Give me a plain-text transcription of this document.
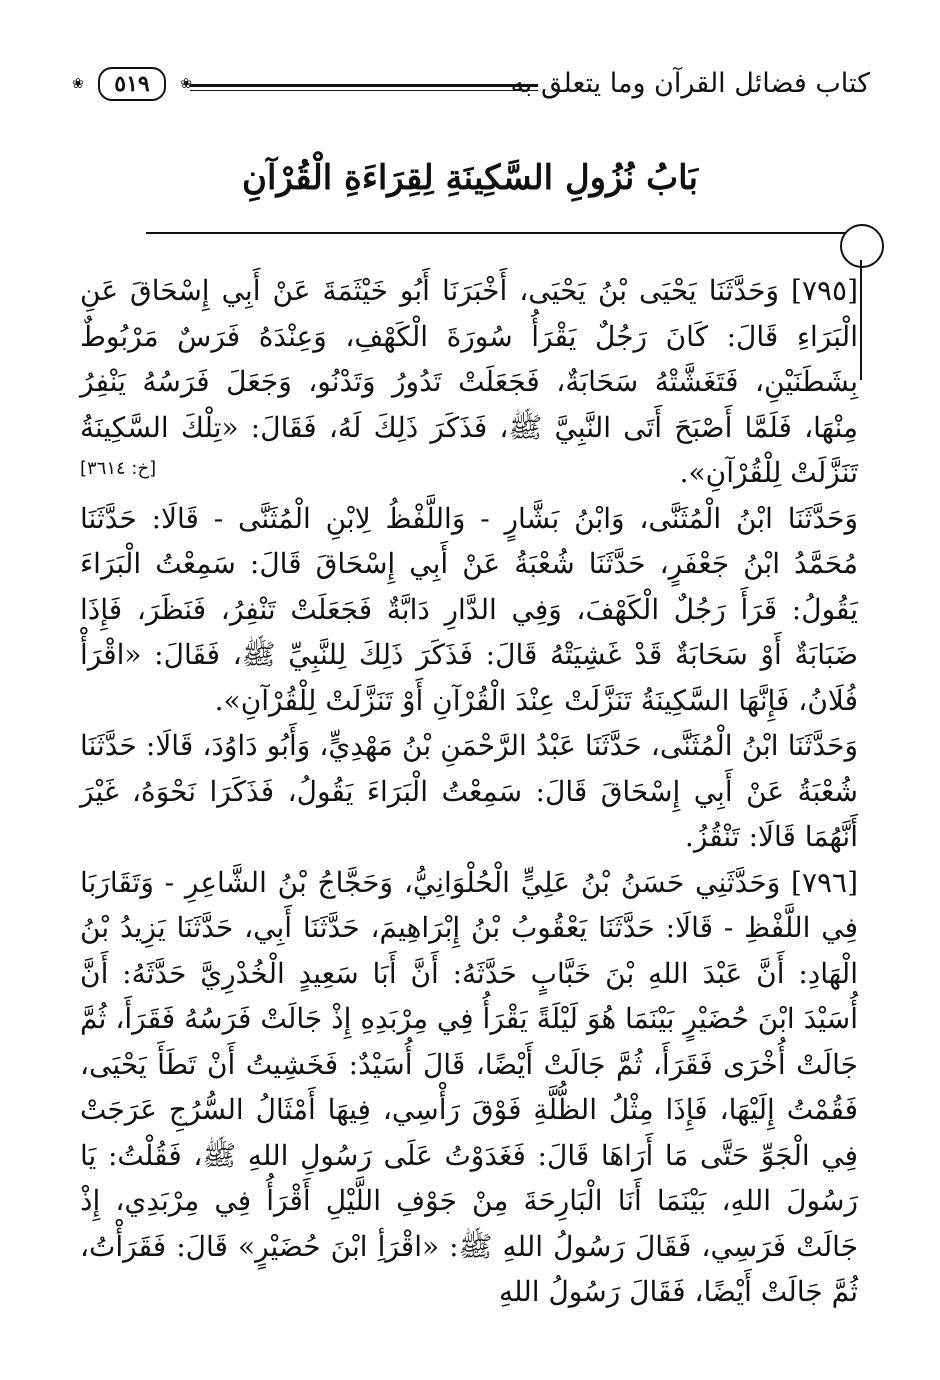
كتاب فضائل القرآن وما يتعلق به
❀	٥١٩	❀
بَابُ نُزُولِ السَّكِينَةِ لِقِرَاءَةِ الْقُرْآنِ

[٧٩٥] وَحَدَّثَنَا يَحْيَى بْنُ يَحْيَى، أَخْبَرَنَا أَبُو خَيْثَمَةَ عَنْ أَبِي إِسْحَاقَ عَنِ الْبَرَاءِ قَالَ: كَانَ رَجُلٌ يَقْرَأُ سُورَةَ الْكَهْفِ، وَعِنْدَهُ فَرَسٌ مَرْبُوطٌ بِشَطَنَيْنِ، فَتَغَشَّتْهُ سَحَابَةٌ، فَجَعَلَتْ تَدُورُ وَتَدْنُو، وَجَعَلَ فَرَسُهُ يَنْفِرُ مِنْهَا، فَلَمَّا أَصْبَحَ أَتَى النَّبِيَّ ﷺ، فَذَكَرَ ذَلِكَ لَهُ، فَقَالَ: «تِلْكَ السَّكِينَةُ تَنَزَّلَتْ لِلْقُرْآنِ».

[خ: ٣٦١٤]

وَحَدَّثَنَا ابْنُ الْمُثَنَّى، وَابْنُ بَشَّارٍ - وَاللَّفْظُ لِابْنِ الْمُثَنَّى - قَالَا: حَدَّثَنَا مُحَمَّدُ ابْنُ جَعْفَرٍ، حَدَّثَنَا شُعْبَةُ عَنْ أَبِي إِسْحَاقَ قَالَ: سَمِعْتُ الْبَرَاءَ يَقُولُ: قَرَأَ رَجُلٌ الْكَهْفَ، وَفِي الدَّارِ دَابَّةٌ فَجَعَلَتْ تَنْفِرُ، فَنَظَرَ، فَإِذَا ضَبَابَةٌ أَوْ سَحَابَةٌ قَدْ غَشِيَتْهُ قَالَ: فَذَكَرَ ذَلِكَ لِلنَّبِيِّ ﷺ، فَقَالَ: «اقْرَأْ فُلَانُ، فَإِنَّهَا السَّكِينَةُ تَنَزَّلَتْ عِنْدَ الْقُرْآنِ أَوْ تَنَزَّلَتْ لِلْقُرْآنِ».

وَحَدَّثَنَا ابْنُ الْمُثَنَّى، حَدَّثَنَا عَبْدُ الرَّحْمَنِ بْنُ مَهْدِيٍّ، وَأَبُو دَاوُدَ، قَالَا: حَدَّثَنَا شُعْبَةُ عَنْ أَبِي إِسْحَاقَ قَالَ: سَمِعْتُ الْبَرَاءَ يَقُولُ، فَذَكَرَا نَحْوَهُ، غَيْرَ أَنَّهُمَا قَالَا: تَنْقُزُ.

[٧٩٦] وَحَدَّثَنِي حَسَنُ بْنُ عَلِيٍّ الْحُلْوَانِيُّ، وَحَجَّاجُ بْنُ الشَّاعِرِ - وَتَقَارَبَا فِي اللَّفْظِ - قَالَا: حَدَّثَنَا يَعْقُوبُ بْنُ إِبْرَاهِيمَ، حَدَّثَنَا أَبِي، حَدَّثَنَا يَزِيدُ بْنُ الْهَادِ: أَنَّ عَبْدَ اللهِ بْنَ خَبَّابٍ حَدَّثَهُ: أَنَّ أَبَا سَعِيدٍ الْخُدْرِيَّ حَدَّثَهُ: أَنَّ أُسَيْدَ ابْنَ حُضَيْرٍ بَيْنَمَا هُوَ لَيْلَةً يَقْرَأُ فِي مِرْبَدِهِ إِذْ جَالَتْ فَرَسُهُ فَقَرَأَ، ثُمَّ جَالَتْ أُخْرَى فَقَرَأَ، ثُمَّ جَالَتْ أَيْضًا، قَالَ أُسَيْدٌ: فَخَشِيتُ أَنْ تَطَأَ يَحْيَى، فَقُمْتُ إِلَيْهَا، فَإِذَا مِثْلُ الظُّلَّةِ فَوْقَ رَأْسِي، فِيهَا أَمْثَالُ السُّرُجِ عَرَجَتْ فِي الْجَوِّ حَتَّى مَا أَرَاهَا قَالَ: فَغَدَوْتُ عَلَى رَسُولِ اللهِ ﷺ، فَقُلْتُ: يَا رَسُولَ اللهِ، بَيْنَمَا أَنَا الْبَارِحَةَ مِنْ جَوْفِ اللَّيْلِ أَقْرَأُ فِي مِرْبَدِي، إِذْ جَالَتْ فَرَسِي، فَقَالَ رَسُولُ اللهِ ﷺ: «اقْرَأِ ابْنَ حُضَيْرٍ» قَالَ: فَقَرَأْتُ، ثُمَّ جَالَتْ أَيْضًا، فَقَالَ رَسُولُ اللهِ
